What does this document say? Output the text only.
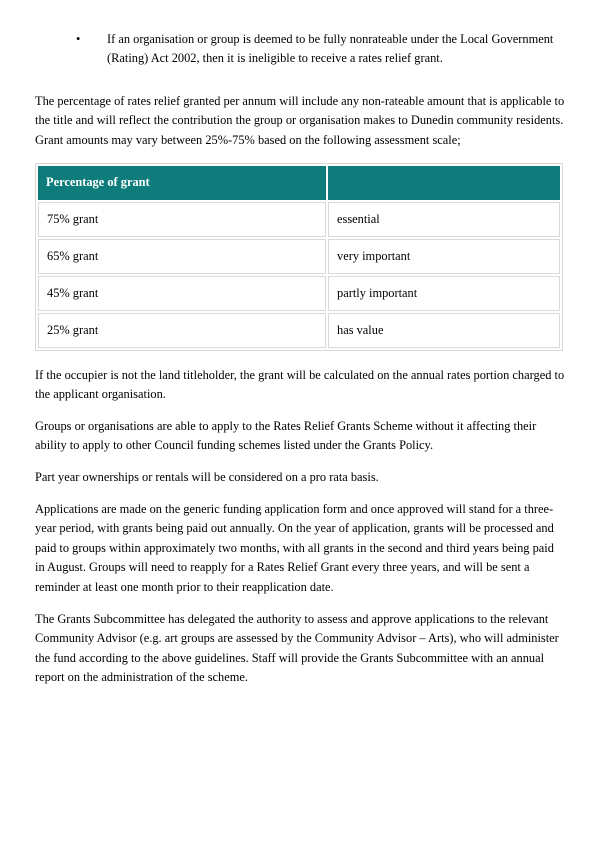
•	If an organisation or group is deemed to be fully nonrateable under the Local Government (Rating) Act 2002, then it is ineligible to receive a rates relief grant.

The percentage of rates relief granted per annum will include any non-rateable amount that is applicable to the title and will reflect the contribution the group or organisation makes to Dunedin community residents. Grant amounts may vary between 25%-75% based on the following assessment scale;

Percentage of grant	
75% grant	essential
65% grant	very important
45% grant	partly important
25% grant	has value

If the occupier is not the land titleholder, the grant will be calculated on the annual rates portion charged to the applicant organisation.

Groups or organisations are able to apply to the Rates Relief Grants Scheme without it affecting their ability to apply to other Council funding schemes listed under the Grants Policy.

Part year ownerships or rentals will be considered on a pro rata basis.

Applications are made on the generic funding application form and once approved will stand for a three-year period, with grants being paid out annually. On the year of application, grants will be processed and paid to groups within approximately two months, with all grants in the second and third years being paid in August. Groups will need to reapply for a Rates Relief Grant every three years, and will be sent a reminder at least one month prior to their reapplication date.

The Grants Subcommittee has delegated the authority to assess and approve applications to the relevant Community Advisor (e.g. art groups are assessed by the Community Advisor – Arts), who will administer the fund according to the above guidelines. Staff will provide the Grants Subcommittee with an annual report on the administration of the scheme.
